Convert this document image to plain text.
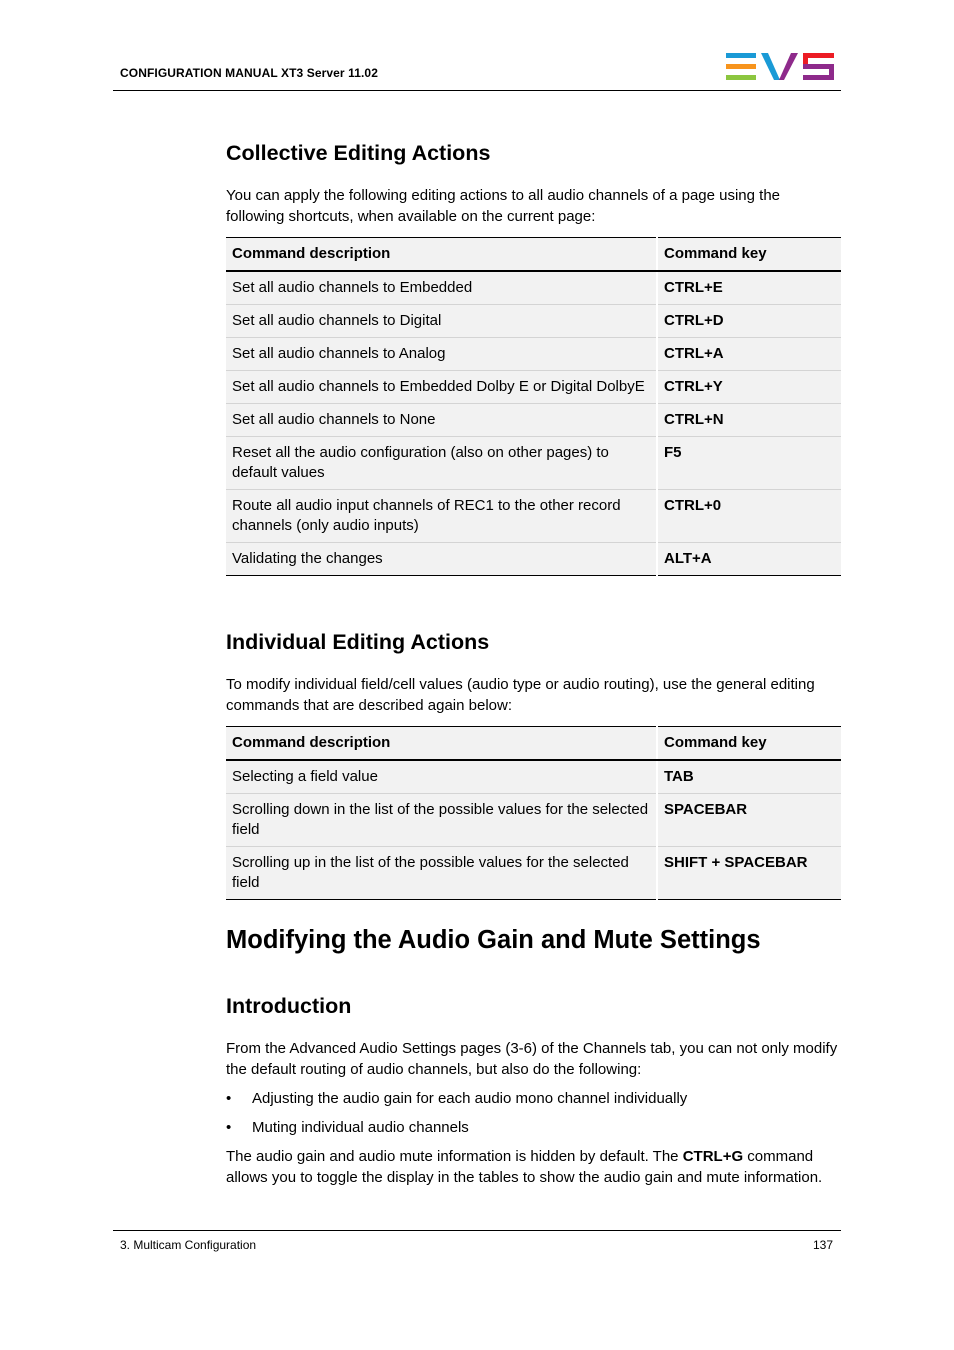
CONFIGURATION MANUAL XT3 Server 11.02
Collective Editing Actions

You can apply the following editing actions to all audio channels of a page using the following shortcuts, when available on the current page:

Command description	Command key
Set all audio channels to Embedded	CTRL+E
Set all audio channels to Digital	CTRL+D
Set all audio channels to Analog	CTRL+A
Set all audio channels to Embedded Dolby E or Digital DolbyE	CTRL+Y
Set all audio channels to None	CTRL+N
Reset all the audio configuration (also on other pages) to default values	F5
Route all audio input channels of REC1 to the other record channels (only audio inputs)	CTRL+0
Validating the changes	ALT+A
Individual Editing Actions

To modify individual field/cell values (audio type or audio routing), use the general editing commands that are described again below:

Command description	Command key
Selecting a field value	TAB
Scrolling down in the list of the possible values for the selected field	SPACEBAR
Scrolling up in the list of the possible values for the selected field	SHIFT + SPACEBAR
Modifying the Audio Gain and Mute Settings
Introduction

From the Advanced Audio Settings pages (3-6) of the Channels tab, you can not only modify the default routing of audio channels, but also do the following:

• Adjusting the audio gain for each audio mono channel individually
• Muting individual audio channels

The audio gain and audio mute information is hidden by default. The CTRL+G command allows you to toggle the display in the tables to show the audio gain and mute information.

3. Multicam Configuration	137
